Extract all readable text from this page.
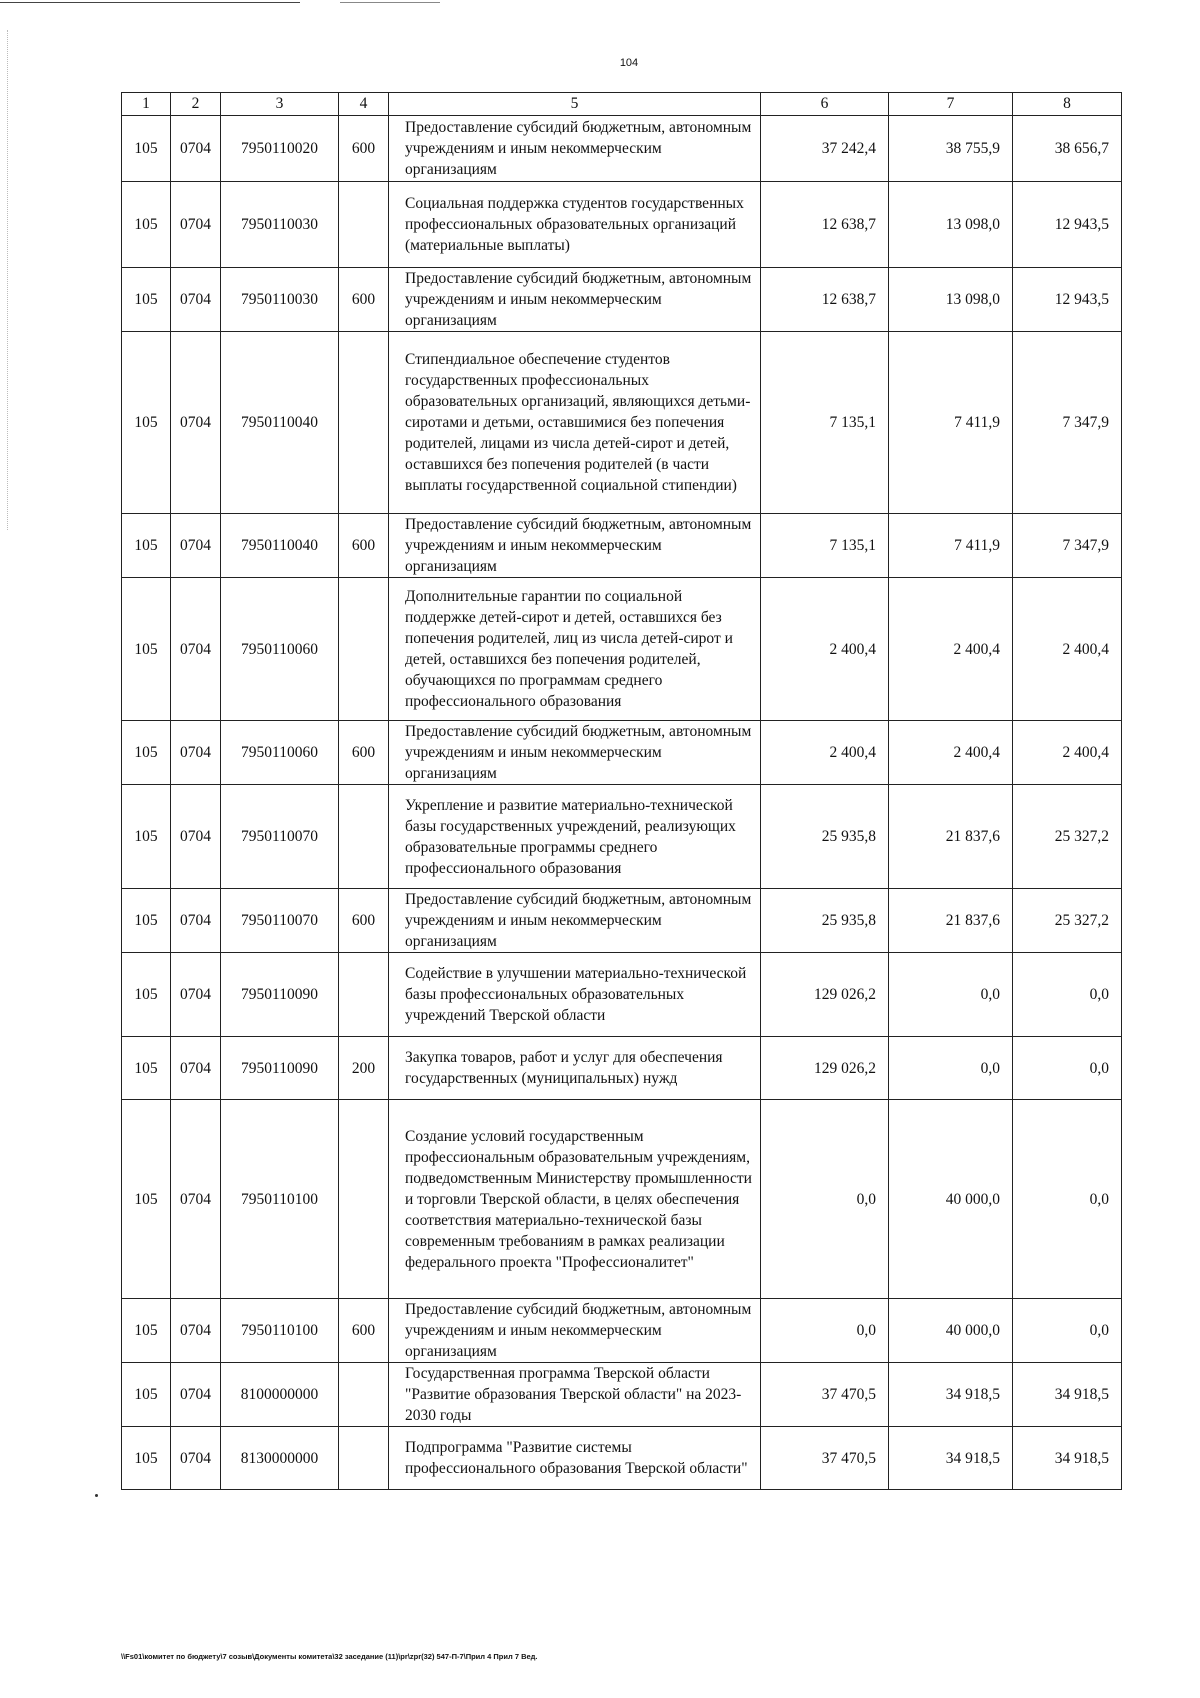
104
1	2	3	4	5	6	7	8
105	0704	7950110020	600	Предоставление субсидий бюджетным, автономным учреждениям и иным некоммерческим организациям	37 242,4	38 755,9	38 656,7
105	0704	7950110030		Социальная поддержка студентов государственных профессиональных образовательных организаций (материальные выплаты)	12 638,7	13 098,0	12 943,5
105	0704	7950110030	600	Предоставление субсидий бюджетным, автономным учреждениям и иным некоммерческим организациям	12 638,7	13 098,0	12 943,5
105	0704	7950110040		Стипендиальное обеспечение студентов государственных профессиональных образовательных организаций, являющихся детьми-сиротами и детьми, оставшимися без попечения родителей, лицами из числа детей-сирот и детей, оставшихся без попечения родителей (в части выплаты государственной социальной стипендии)	7 135,1	7 411,9	7 347,9
105	0704	7950110040	600	Предоставление субсидий бюджетным, автономным учреждениям и иным некоммерческим организациям	7 135,1	7 411,9	7 347,9
105	0704	7950110060		Дополнительные гарантии по социальной поддержке детей-сирот и детей, оставшихся без попечения родителей, лиц из числа детей-сирот и детей, оставшихся без попечения родителей, обучающихся по программам среднего профессионального образования	2 400,4	2 400,4	2 400,4
105	0704	7950110060	600	Предоставление субсидий бюджетным, автономным учреждениям и иным некоммерческим организациям	2 400,4	2 400,4	2 400,4
105	0704	7950110070		Укрепление и развитие материально-технической базы государственных учреждений, реализующих образовательные программы среднего профессионального образования	25 935,8	21 837,6	25 327,2
105	0704	7950110070	600	Предоставление субсидий бюджетным, автономным учреждениям и иным некоммерческим организациям	25 935,8	21 837,6	25 327,2
105	0704	7950110090		Содействие в улучшении материально-технической базы профессиональных образовательных учреждений Тверской области	129 026,2	0,0	0,0
105	0704	7950110090	200	Закупка товаров, работ и услуг для обеспечения государственных (муниципальных) нужд	129 026,2	0,0	0,0
105	0704	7950110100		Создание условий государственным профессиональным образовательным учреждениям, подведомственным Министерству промышленности и торговли Тверской области, в целях обеспечения соответствия материально-технической базы современным требованиям в рамках реализации федерального проекта "Профессионалитет"	0,0	40 000,0	0,0
105	0704	7950110100	600	Предоставление субсидий бюджетным, автономным учреждениям и иным некоммерческим организациям	0,0	40 000,0	0,0
105	0704	8100000000		Государственная программа Тверской области "Развитие образования Тверской области" на 2023-2030 годы	37 470,5	34 918,5	34 918,5
105	0704	8130000000		Подпрограмма "Развитие системы профессионального образования Тверской области"	37 470,5	34 918,5	34 918,5
\\Fs01\комитет по бюджету\7 созыв\Документы комитета\32 заседание (11)\pr\zpr(32) 547-П-7\Прил 4 Прил 7 Вед.
